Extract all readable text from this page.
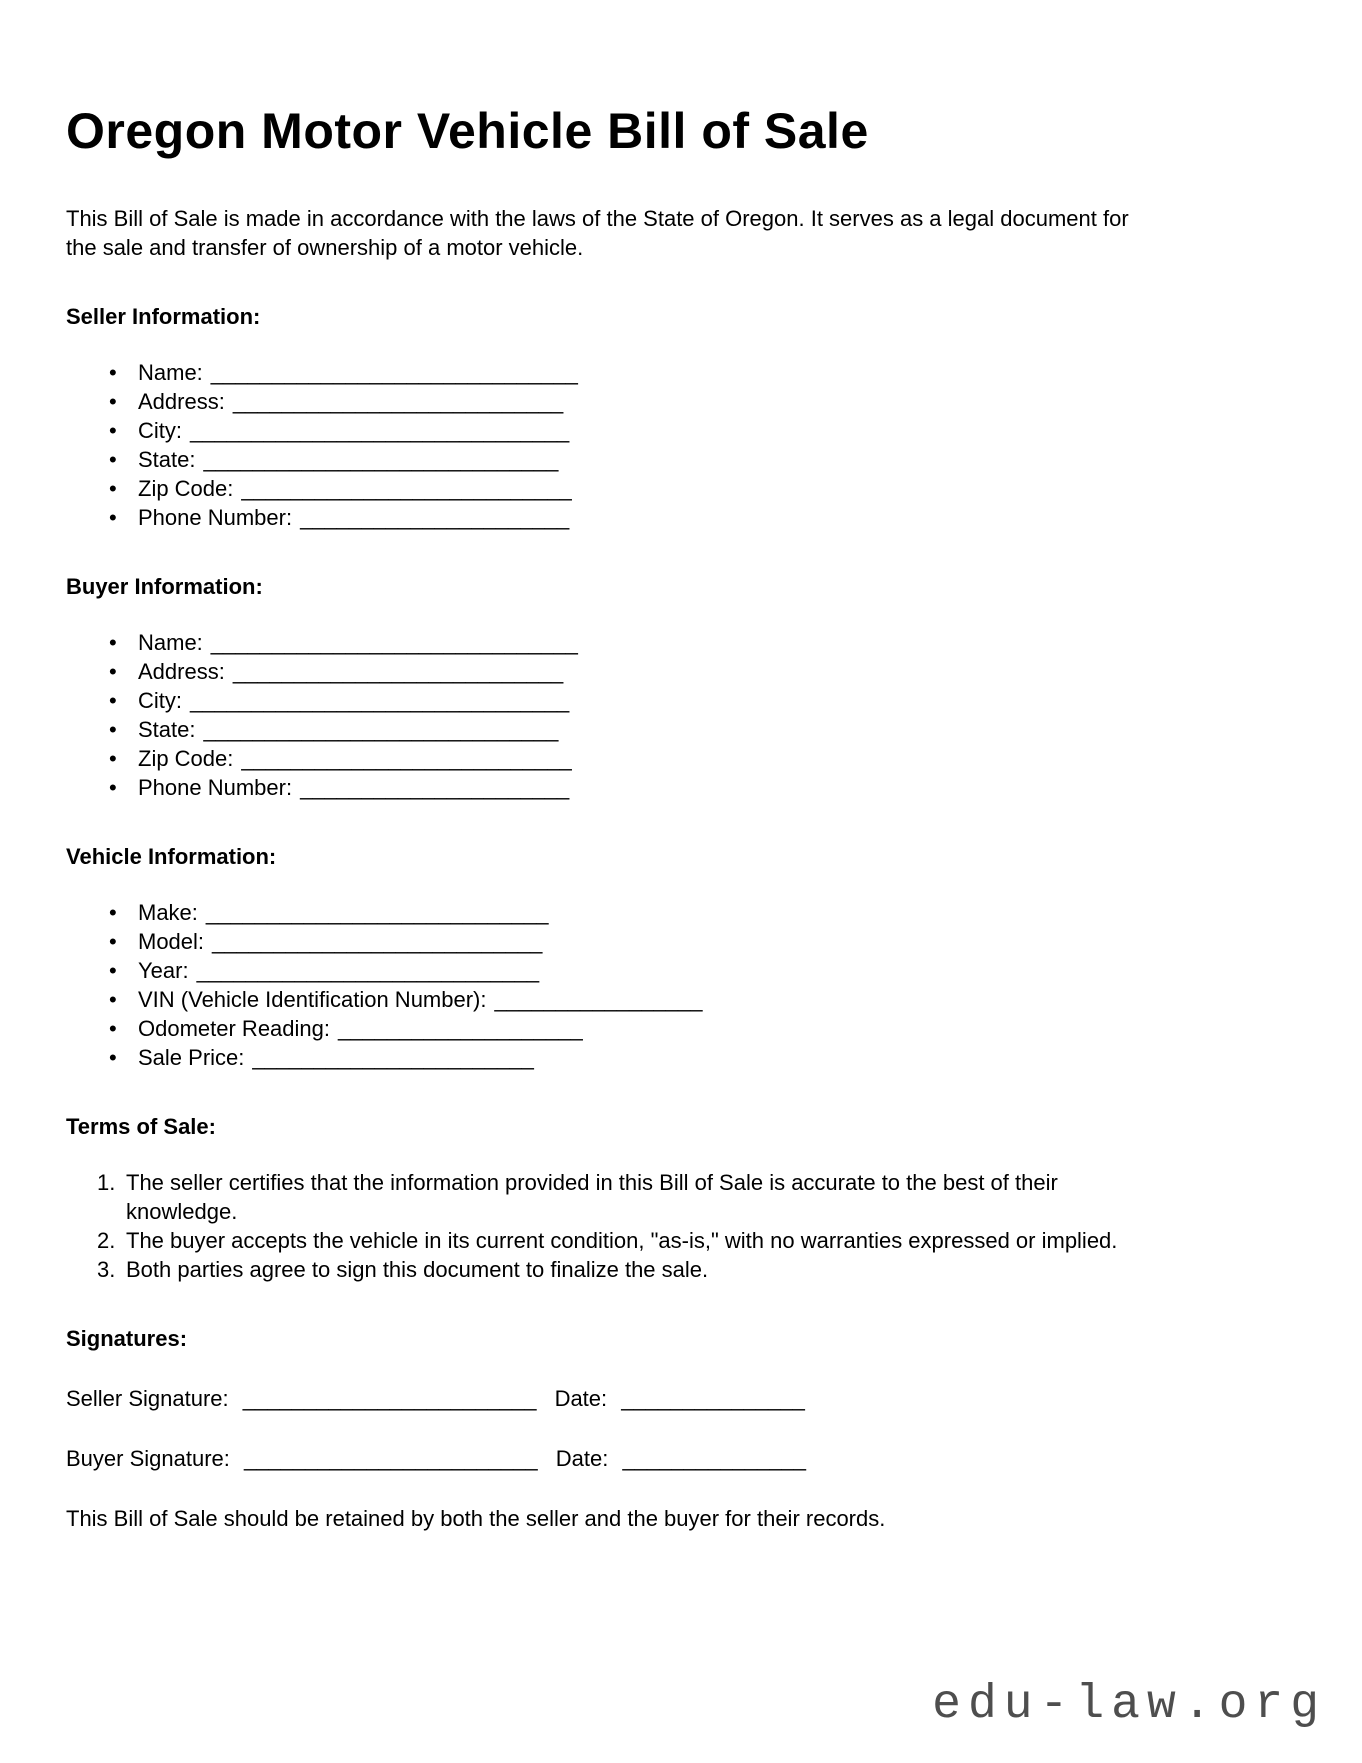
Oregon Motor Vehicle Bill of Sale

This Bill of Sale is made in accordance with the laws of the State of Oregon. It serves as a legal document for the sale and transfer of ownership of a motor vehicle.

Seller Information:
• Name: ______________________________
• Address: ___________________________
• City: _______________________________
• State: _____________________________
• Zip Code: ___________________________
• Phone Number: ______________________
Buyer Information:
• Name: ______________________________
• Address: ___________________________
• City: _______________________________
• State: _____________________________
• Zip Code: ___________________________
• Phone Number: ______________________
Vehicle Information:
• Make: ____________________________
• Model: ___________________________
• Year: ____________________________
• VIN (Vehicle Identification Number): _________________
• Odometer Reading: ____________________
• Sale Price: _______________________
Terms of Sale:
1. The seller certifies that the information provided in this Bill of Sale is accurate to the best of their knowledge.
2. The buyer accepts the vehicle in its current condition, "as-is," with no warranties expressed or implied.
3. Both parties agree to sign this document to finalize the sale.
Signatures:

Seller Signature: ________________________ Date: _______________

Buyer Signature: ________________________ Date: _______________

This Bill of Sale should be retained by both the seller and the buyer for their records.

edu-law.org
